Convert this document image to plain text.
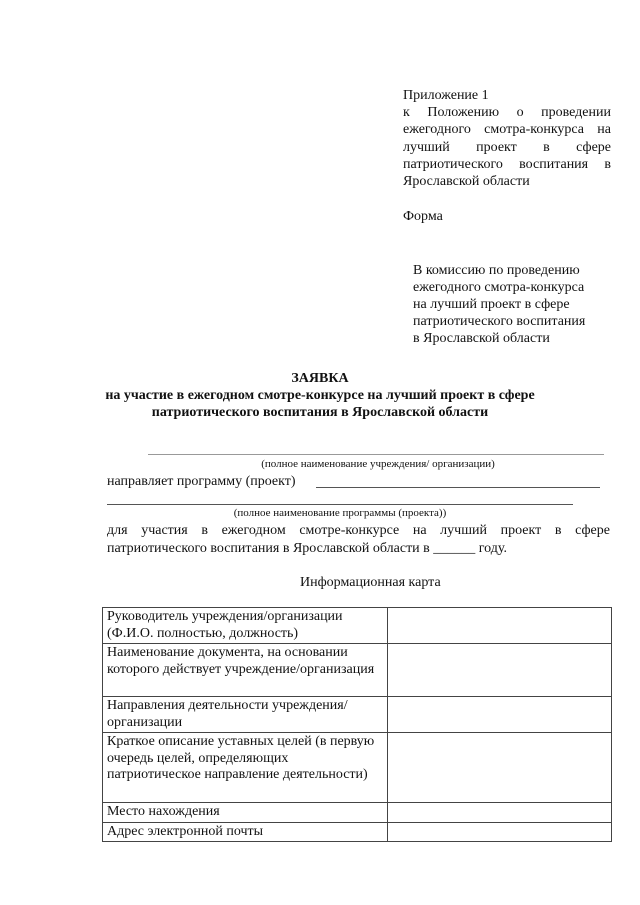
Приложение 1
к Положению о проведении
ежегодного смотра-конкурса на
лучший проект в сфере
патриотического воспитания в
Ярославской области
Форма
В комиссию по проведению
ежегодного смотра-конкурса
на лучший проект в сфере
патриотического воспитания
в Ярославской области
ЗАЯВКА
на участие в ежегодном смотре-конкурсе на лучший проект в сфере
патриотического воспитания в Ярославской области
(полное наименование учреждения/ организации)
направляет программу (проект)
(полное наименование программы (проекта))
для участия в ежегодном смотре-конкурсе на лучший проект в сфере
патриотического воспитания в Ярославской области в ______ году.
Информационная карта
Руководитель учреждения/организации (Ф.И.О. полностью, должность)	
Наименование документа, на основании которого действует учреждение/организация	
Направления деятельности учреждения/организации	
Краткое описание уставных целей (в первую очередь целей, определяющих патриотическое направление деятельности)	
Место нахождения	
Адрес электронной почты	
